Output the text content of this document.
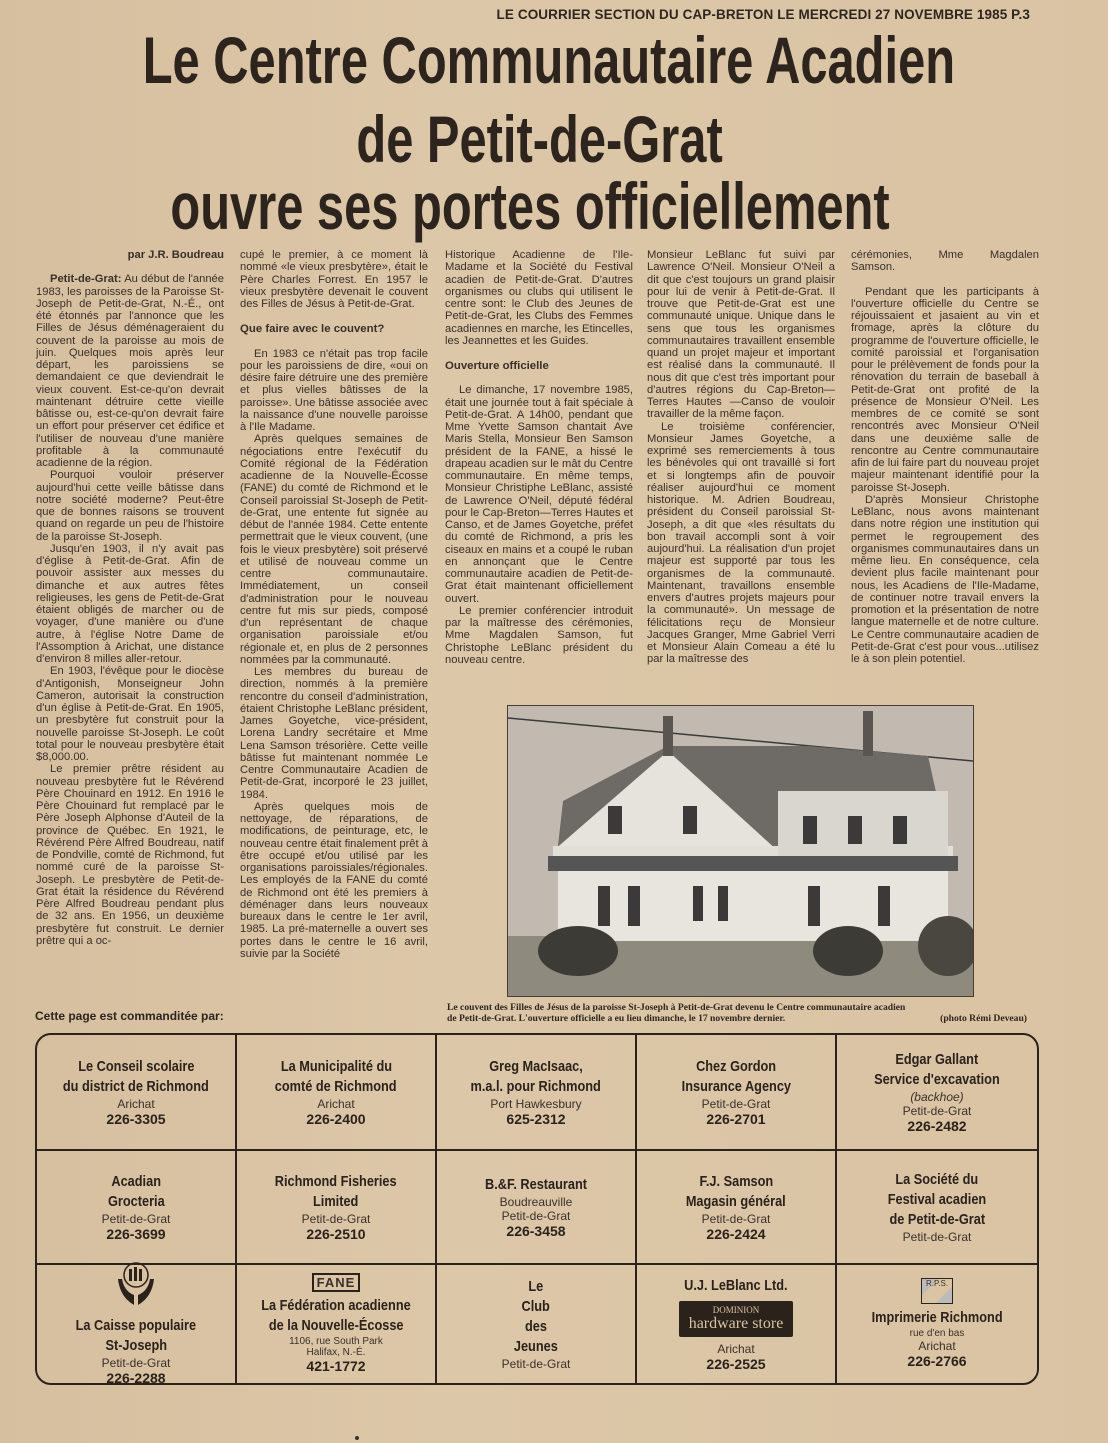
LE COURRIER SECTION DU CAP-BRETON LE MERCREDI 27 NOVEMBRE 1985 P.3
Le Centre Communautaire Acadien
de Petit-de-Grat
ouvre ses portes officiellement
par J.R. Boudreau

Petit-de-Grat: Au début de l'année 1983, les paroisses de la Paroisse St-Joseph de Petit-de-Grat, N.-É., ont été étonnés par l'annonce que les Filles de Jésus déménageraient du couvent de la paroisse au mois de juin. Quelques mois après leur départ, les paroissiens se demandaient ce que deviendrait le vieux couvent. Est-ce-qu'on devrait maintenant détruire cette vieille bâtisse ou, est-ce-qu'on devrait faire un effort pour préserver cet édifice et l'utiliser de nouveau d'une manière profitable à la communauté acadienne de la région.

Pourquoi vouloir préserver aujourd'hui cette veille bâtisse dans notre société moderne? Peut-être que de bonnes raisons se trouvent quand on regarde un peu de l'histoire de la paroisse St-Joseph.

Jusqu'en 1903, il n'y avait pas d'église à Petit-de-Grat. Afin de pouvoir assister aux messes du dimanche et aux autres fêtes religieuses, les gens de Petit-de-Grat étaient obligés de marcher ou de voyager, d'une manière ou d'une autre, à l'église Notre Dame de l'Assomption à Arichat, une distance d'environ 8 milles aller-retour.

En 1903, l'évêque pour le diocèse d'Antigonish, Monseigneur John Cameron, autorisait la construction d'un église à Petit-de-Grat. En 1905, un presbytère fut construit pour la nouvelle paroisse St-Joseph. Le coût total pour le nouveau presbytère était $8,000.00.

Le premier prêtre résident au nouveau presbytère fut le Révérend Père Chouinard en 1912. En 1916 le Père Chouinard fut remplacé par le Père Joseph Alphonse d'Auteil de la province de Québec. En 1921, le Révérend Père Alfred Boudreau, natif de Pondville, comté de Richmond, fut nommé curé de la paroisse St-Joseph. Le presbytère de Petit-de-Grat était la résidence du Révérend Père Alfred Boudreau pendant plus de 32 ans. En 1956, un deuxième presbytère fut construit. Le dernier prêtre qui a oc-

cupé le premier, à ce moment là nommé «le vieux presbytère», était le Père Charles Forrest. En 1957 le vieux presbytère devenait le couvent des Filles de Jésus à Petit-de-Grat.

Que faire avec le couvent?

En 1983 ce n'était pas trop facile pour les paroissiens de dire, «oui on désire faire détruire une des première et plus vielles bâtisses de la paroisse». Une bâtisse associée avec la naissance d'une nouvelle paroisse à l'Ile Madame.

Après quelques semaines de négociations entre l'exécutif du Comité régional de la Fédération acadienne de la Nouvelle-Écosse (FANE) du comté de Richmond et le Conseil paroissial St-Joseph de Petit-de-Grat, une entente fut signée au début de l'année 1984. Cette entente permettrait que le vieux couvent, (une fois le vieux presbytère) soit préservé et utilisé de nouveau comme un centre communautaire. Immédiatement, un conseil d'administration pour le nouveau centre fut mis sur pieds, composé d'un représentant de chaque organisation paroissiale et/ou régionale et, en plus de 2 personnes nommées par la communauté.

Les membres du bureau de direction, nommés à la première rencontre du conseil d'administration, étaient Christophe LeBlanc président, James Goyetche, vice-président, Lorena Landry secrétaire et Mme Lena Samson trésorière. Cette veille bâtisse fut maintenant nommée Le Centre Communautaire Acadien de Petit-de-Grat, incorporé le 23 juillet, 1984.

Après quelques mois de nettoyage, de réparations, de modifications, de peinturage, etc, le nouveau centre était finalement prêt à être occupé et/ou utilisé par les organisations paroissiales/régionales. Les employés de la FANE du comté de Richmond ont été les premiers à déménager dans leurs nouveaux bureaux dans le centre le 1er avril, 1985. La pré-maternelle a ouvert ses portes dans le centre le 16 avril, suivie par la Société

Historique Acadienne de l'Ile-Madame et la Société du Festival acadien de Petit-de-Grat. D'autres organismes ou clubs qui utilisent le centre sont: le Club des Jeunes de Petit-de-Grat, les Clubs des Femmes acadiennes en marche, les Etincelles, les Jeannettes et les Guides.

Ouverture officielle

Le dimanche, 17 novembre 1985, était une journée tout à fait spéciale à Petit-de-Grat. A 14h00, pendant que Mme Yvette Samson chantait Ave Maris Stella, Monsieur Ben Samson président de la FANE, a hissé le drapeau acadien sur le mât du Centre communautaire. En même temps, Monsieur Christiphe LeBlanc, assisté de Lawrence O'Neil, député fédéral pour le Cap-Breton—Terres Hautes et Canso, et de James Goyetche, préfet du comté de Richmond, a pris les ciseaux en mains et a coupé le ruban en annonçant que le Centre communautaire acadien de Petit-de-Grat était maintenant officiellement ouvert.

Le premier conférencier introduit par la maîtresse des cérémonies, Mme Magdalen Samson, fut Christophe LeBlanc président du nouveau centre.

Monsieur LeBlanc fut suivi par Lawrence O'Neil. Monsieur O'Neil a dit que c'est toujours un grand plaisir pour lui de venir à Petit-de-Grat. Il trouve que Petit-de-Grat est une communauté unique. Unique dans le sens que tous les organismes communautaires travaillent ensemble quand un projet majeur et important est réalisé dans la communauté. Il nous dit que c'est très important pour d'autres régions du Cap-Breton—Terres Hautes —Canso de vouloir travailler de la même façon.

Le troisième conférencier, Monsieur James Goyetche, a exprimé ses remerciements à tous les bénévoles qui ont travaillé si fort et si longtemps afin de pouvoir réaliser aujourd'hui ce moment historique. M. Adrien Boudreau, président du Conseil paroissial St-Joseph, a dit que «les résultats du bon travail accompli sont à voir aujourd'hui. La réalisation d'un projet majeur est supporté par tous les organismes de la communauté. Maintenant, travaillons ensemble envers d'autres projets majeurs pour la communauté». Un message de félicitations reçu de Monsieur Jacques Granger, Mme Gabriel Verri et Monsieur Alain Comeau a été lu par la maîtresse des

cérémonies, Mme Magdalen Samson.

Pendant que les participants à l'ouverture officielle du Centre se réjouissaient et jasaient au vin et fromage, après la clôture du programme de l'ouverture officielle, le comité paroissial et l'organisation pour le prélèvement de fonds pour la rénovation du terrain de baseball à Petit-de-Grat ont profité de la présence de Monsieur O'Neil. Les membres de ce comité se sont rencontrés avec Monsieur O'Neil dans une deuxième salle de rencontre au Centre communautaire afin de lui faire part du nouveau projet majeur maintenant identifié pour la paroisse St-Joseph.

D'après Monsieur Christophe LeBlanc, nous avons maintenant dans notre région une institution qui permet le regroupement des organismes communautaires dans un même lieu. En conséquence, cela devient plus facile maintenant pour nous, les Acadiens de l'Ile-Madame, de continuer notre travail envers la promotion et la présentation de notre langue maternelle et de notre culture. Le Centre communautaire acadien de Petit-de-Grat c'est pour vous...utilisez le à son plein potentiel.

Le couvent des Filles de Jésus de la paroisse St-Joseph à Petit-de-Grat devenu le Centre communautaire acadien de Petit-de-Grat. L'ouverture officielle a eu lieu dimanche, le 17 novembre dernier.	(photo Rémi Deveau)
Cette page est commanditée par:
Le Conseil scolaire
du district de Richmond
Arichat
226-3305
La Municipalité du
comté de Richmond
Arichat
226-2400
Greg MacIsaac,
m.a.l. pour Richmond
Port Hawkesbury
625-2312
Chez Gordon
Insurance Agency
Petit-de-Grat
226-2701
Edgar Gallant
Service d'excavation
(backhoe)
Petit-de-Grat
226-2482
Acadian
Grocteria
Petit-de-Grat
226-3699
Richmond Fisheries
Limited
Petit-de-Grat
226-2510
B.&F. Restaurant
Boudreauville
Petit-de-Grat
226-3458
F.J. Samson
Magasin général
Petit-de-Grat
226-2424
La Société du
Festival acadien
de Petit-de-Grat
Petit-de-Grat
La Caisse populaire
St-Joseph
Petit-de-Grat
226-2288
FANE
La Fédération acadienne
de la Nouvelle-Écosse
1106, rue South Park
Halifax, N.-É.
421-1772
Le
Club
des
Jeunes
Petit-de-Grat
U.J. LeBlanc Ltd.
DOMINION
hardware store
Arichat
226-2525
R.P.S.
Imprimerie Richmond
rue d'en bas
Arichat
226-2766
